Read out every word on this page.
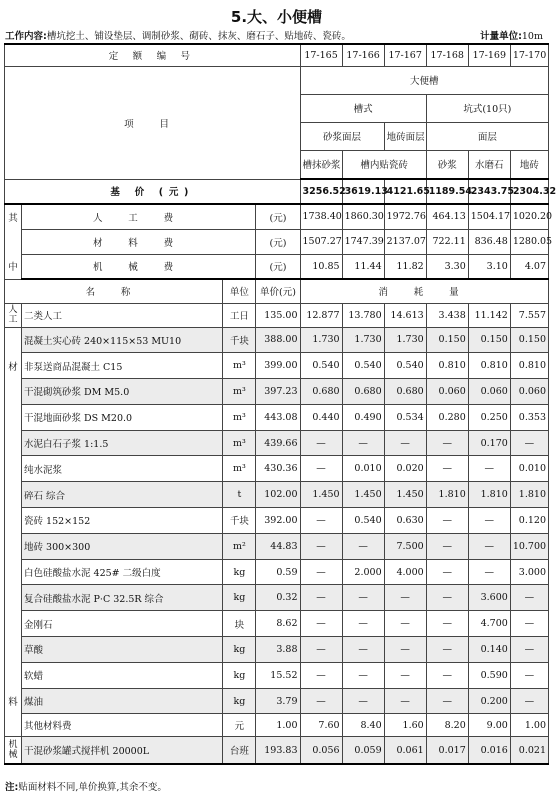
5.大、小便槽
工作内容:槽坑挖土、铺设垫层、调制砂浆、砌砖、抹灰、磨石子、贴地砖、瓷砖。	计量单位:10m
定 额 编 号				17-165	17-166	17-167	17-168	17-169	17-170
项 目				大便槽					
				槽式			坑式(10只)		
				砂浆面层		地砖面层	面层		
				槽抹砂浆	槽内贴瓷砖		砂浆	水磨石	地砖
基 价 (元)				3256.52	3619.13	4121.65	1189.54	2343.75	2304.32
其	人 工 费		(元)	1738.40	1860.30	1972.76	464.13	1504.17	1020.20
	材 料 费		(元)	1507.27	1747.39	2137.07	722.11	836.48	1280.05
中	机 械 费		(元)	10.85	11.44	11.82	3.30	3.10	4.07
名 称		单位	单价(元)	消 耗 量					
人工	二类人工	工日	135.00	12.877	13.780	14.613	3.438	11.142	7.557
	混凝土实心砖 240×115×53 MU10	千块	388.00	1.730	1.730	1.730	0.150	0.150	0.150
材	非泵送商品混凝土 C15	m³	399.00	0.540	0.540	0.540	0.810	0.810	0.810
	干混砌筑砂浆 DM M5.0	m³	397.23	0.680	0.680	0.680	0.060	0.060	0.060
	干混地面砂浆 DS M20.0	m³	443.08	0.440	0.490	0.534	0.280	0.250	0.353
	水泥白石子浆 1:1.5	m³	439.66	—	—	—	—	0.170	—
	纯水泥浆	m³	430.36	—	0.010	0.020	—	—	0.010
	碎石 综合	t	102.00	1.450	1.450	1.450	1.810	1.810	1.810
	瓷砖 152×152	千块	392.00	—	0.540	0.630	—	—	0.120
	地砖 300×300	m²	44.83	—	—	7.500	—	—	10.700
	白色硅酸盐水泥 425# 二级白度	kg	0.59	—	2.000	4.000	—	—	3.000
	复合硅酸盐水泥 P·C 32.5R 综合	kg	0.32	—	—	—	—	3.600	—
	金刚石	块	8.62	—	—	—	—	4.700	—
	草酸	kg	3.88	—	—	—	—	0.140	—
	软蜡	kg	15.52	—	—	—	—	0.590	—
料	煤油	kg	3.79	—	—	—	—	0.200	—
	其他材料费	元	1.00	7.60	8.40	1.60	8.20	9.00	1.00
机械	干混砂浆罐式搅拌机 20000L	台班	193.83	0.056	0.059	0.061	0.017	0.016	0.021
注:贴面材料不同,单价换算,其余不变。
